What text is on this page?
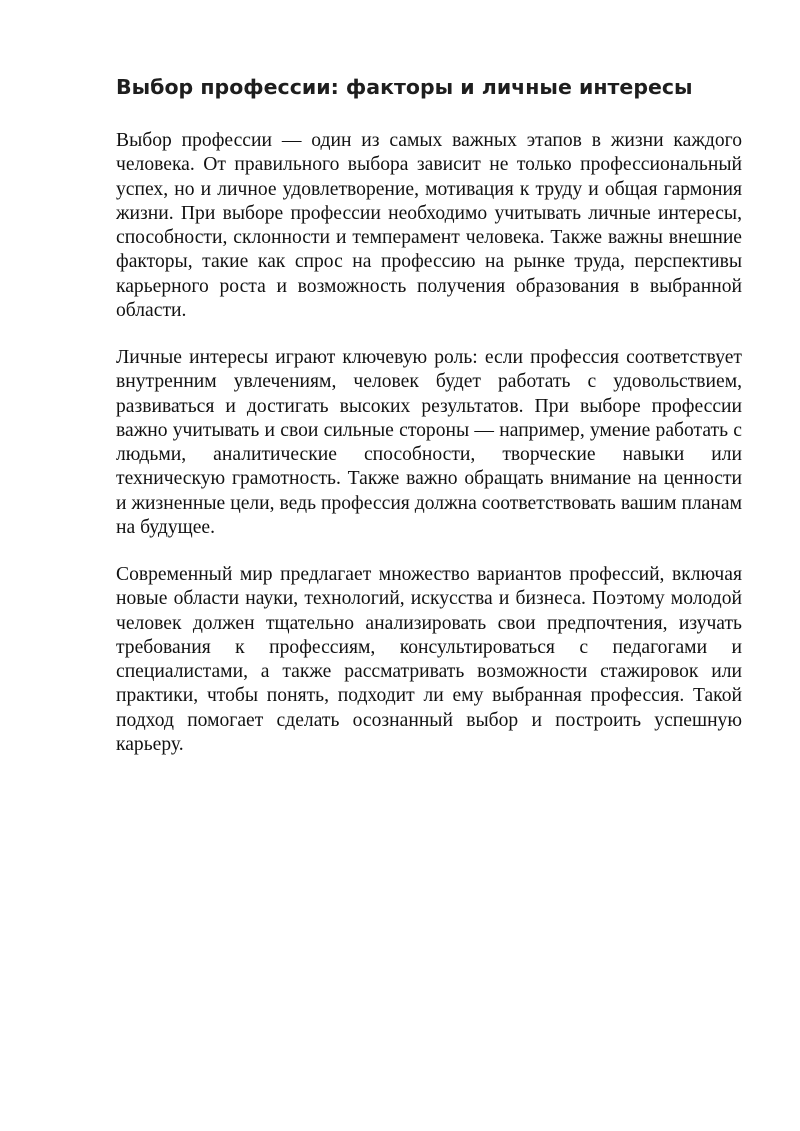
Выбор профессии: факторы и личные интересы

Выбор профессии — один из самых важных этапов в жизни каждого человека. От правильного выбора зависит не только профессиональный успех, но и личное удовлетворение, мотивация к труду и общая гармония жизни. При выборе профессии необходимо учитывать личные интересы, способности, склонности и темперамент человека. Также важны внешние факторы, такие как спрос на профессию на рынке труда, перспективы карьерного роста и возможность получения образования в выбранной области.

Личные интересы играют ключевую роль: если профессия соответствует внутренним увлечениям, человек будет работать с удовольствием, развиваться и достигать высоких результатов. При выборе профессии важно учитывать и свои сильные стороны — например, умение работать с людьми, аналитические способности, творческие навыки или техническую грамотность. Также важно обращать внимание на ценности и жизненные цели, ведь профессия должна соответствовать вашим планам на будущее.

Современный мир предлагает множество вариантов профессий, включая новые области науки, технологий, искусства и бизнеса. Поэтому молодой человек должен тщательно анализировать свои предпочтения, изучать требования к профессиям, консультироваться с педагогами и специалистами, а также рассматривать возможности стажировок или практики, чтобы понять, подходит ли ему выбранная профессия. Такой подход помогает сделать осознанный выбор и построить успешную карьеру.
